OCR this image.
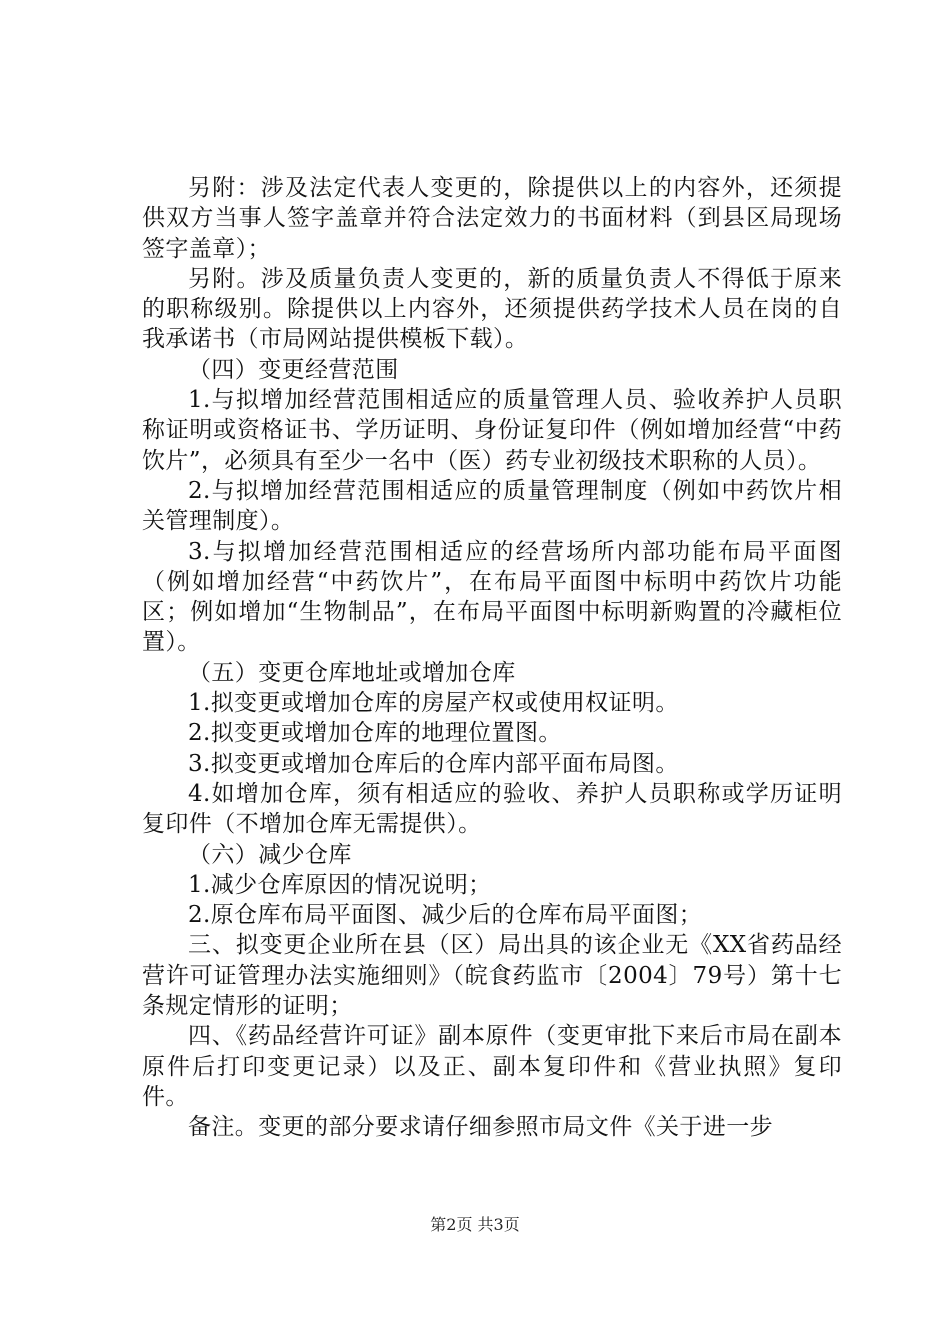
另附：涉及法定代表人变更的，除提供以上的内容外，还须提供双方当事人签字盖章并符合法定效力的书面材料（到县区局现场签字盖章）；

另附。涉及质量负责人变更的，新的质量负责人不得低于原来的职称级别。除提供以上内容外，还须提供药学技术人员在岗的自我承诺书（市局网站提供模板下载）。

（四）变更经营范围

1.与拟增加经营范围相适应的质量管理人员、验收养护人员职称证明或资格证书、学历证明、身份证复印件（例如增加经营“中药饮片”，必须具有至少一名中（医）药专业初级技术职称的人员）。

2.与拟增加经营范围相适应的质量管理制度（例如中药饮片相关管理制度）。

3.与拟增加经营范围相适应的经营场所内部功能布局平面图（例如增加经营“中药饮片”，在布局平面图中标明中药饮片功能区；例如增加“生物制品”，在布局平面图中标明新购置的冷藏柜位置）。

（五）变更仓库地址或增加仓库

1.拟变更或增加仓库的房屋产权或使用权证明。

2.拟变更或增加仓库的地理位置图。

3.拟变更或增加仓库后的仓库内部平面布局图。

4.如增加仓库，须有相适应的验收、养护人员职称或学历证明复印件（不增加仓库无需提供）。

（六）减少仓库

1.减少仓库原因的情况说明；

2.原仓库布局平面图、减少后的仓库布局平面图；

三、拟变更企业所在县（区）局出具的该企业无《XX省药品经营许可证管理办法实施细则》（皖食药监市〔2004〕79号）第十七条规定情形的证明；

四、《药品经营许可证》副本原件（变更审批下来后市局在副本原件后打印变更记录）以及正、副本复印件和《营业执照》复印件。

备注。变更的部分要求请仔细参照市局文件《关于进一步

第2页 共3页
